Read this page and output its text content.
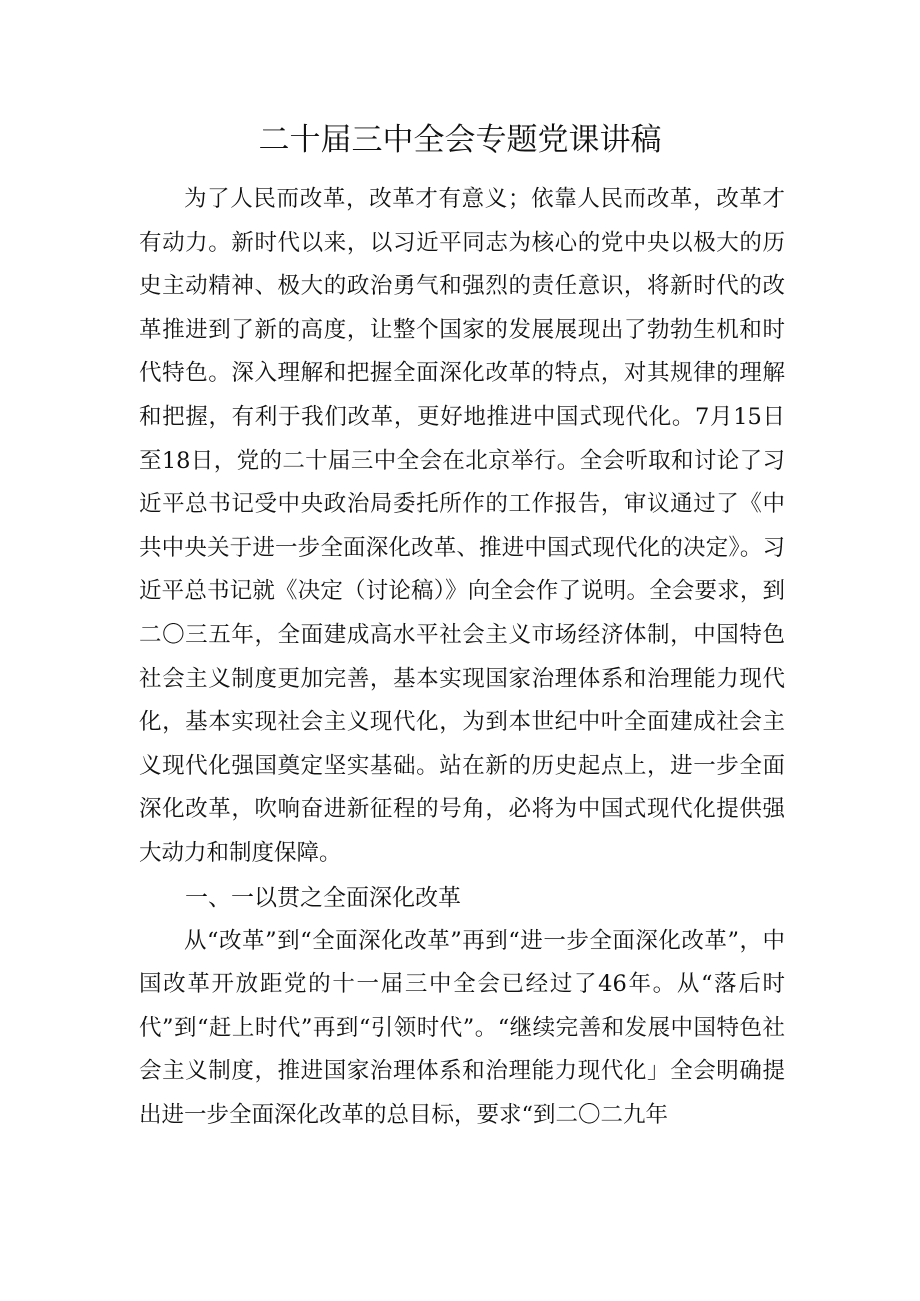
二十届三中全会专题党课讲稿

为了人民而改革，改革才有意义；依靠人民而改革，改革才有动力。新时代以来，以习近平同志为核心的党中央以极大的历史主动精神、极大的政治勇气和强烈的责任意识，将新时代的改革推进到了新的高度，让整个国家的发展展现出了勃勃生机和时代特色。深入理解和把握全面深化改革的特点，对其规律的理解和把握，有利于我们改革，更好地推进中国式现代化。7月15日至18日，党的二十届三中全会在北京举行。全会听取和讨论了习近平总书记受中央政治局委托所作的工作报告，审议通过了《中共中央关于进一步全面深化改革、推进中国式现代化的决定》。习近平总书记就《决定（讨论稿）》向全会作了说明。全会要求，到二〇三五年，全面建成高水平社会主义市场经济体制，中国特色社会主义制度更加完善，基本实现国家治理体系和治理能力现代化，基本实现社会主义现代化，为到本世纪中叶全面建成社会主义现代化强国奠定坚实基础。站在新的历史起点上，进一步全面深化改革，吹响奋进新征程的号角，必将为中国式现代化提供强大动力和制度保障。

一、一以贯之全面深化改革

从“改革”到“全面深化改革”再到“进一步全面深化改革”，中国改革开放距党的十一届三中全会已经过了46年。从“落后时代”到“赶上时代”再到“引领时代”。“继续完善和发展中国特色社会主义制度，推进国家治理体系和治理能力现代化」全会明确提出进一步全面深化改革的总目标，要求“到二〇二九年
